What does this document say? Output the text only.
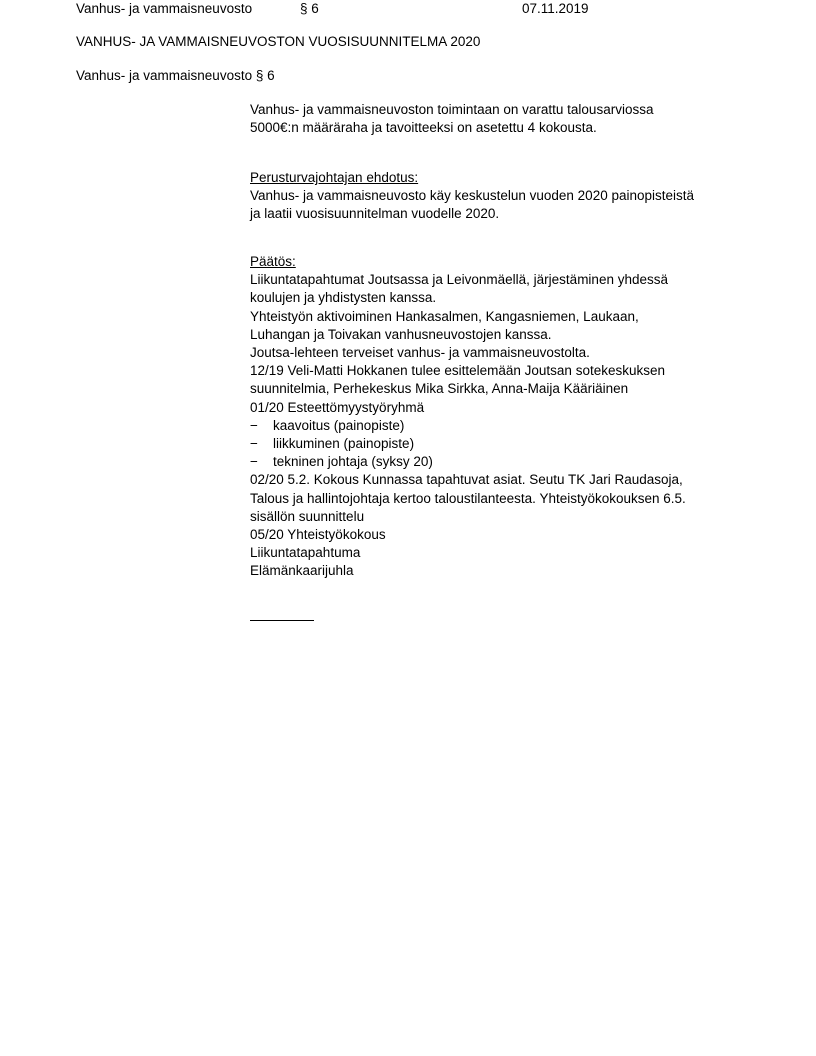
Vanhus- ja vammaisneuvosto	§ 6	07.11.2019
VANHUS- JA VAMMAISNEUVOSTON VUOSISUUNNITELMA 2020
Vanhus- ja vammaisneuvosto § 6
Vanhus- ja vammaisneuvoston toimintaan on varattu talousarviossa
5000€:n määräraha ja tavoitteeksi on asetettu 4 kokousta.
Perusturvajohtajan ehdotus:
Vanhus- ja vammaisneuvosto käy keskustelun vuoden 2020 painopisteistä
ja laatii vuosisuunnitelman vuodelle 2020.
Päätös:
Liikuntatapahtumat Joutsassa ja Leivonmäellä, järjestäminen yhdessä
koulujen ja yhdistysten kanssa.
Yhteistyön aktivoiminen Hankasalmen, Kangasniemen, Laukaan,
Luhangan ja Toivakan vanhusneuvostojen kanssa.
Joutsa-lehteen terveiset vanhus- ja vammaisneuvostolta.
12/19 Veli-Matti Hokkanen tulee esittelemään Joutsan sotekeskuksen
suunnitelmia, Perhekeskus Mika Sirkka, Anna-Maija Kääriäinen
01/20 Esteettömyystyöryhmä
− kaavoitus (painopiste)
− liikkuminen (painopiste)
− tekninen johtaja (syksy 20)
02/20 5.2. Kokous Kunnassa tapahtuvat asiat. Seutu TK Jari Raudasoja,
Talous ja hallintojohtaja kertoo taloustilanteesta. Yhteistyökokouksen 6.5.
sisällön suunnittelu
05/20 Yhteistyökokous
Liikuntatapahtuma
Elämänkaarijuhla
